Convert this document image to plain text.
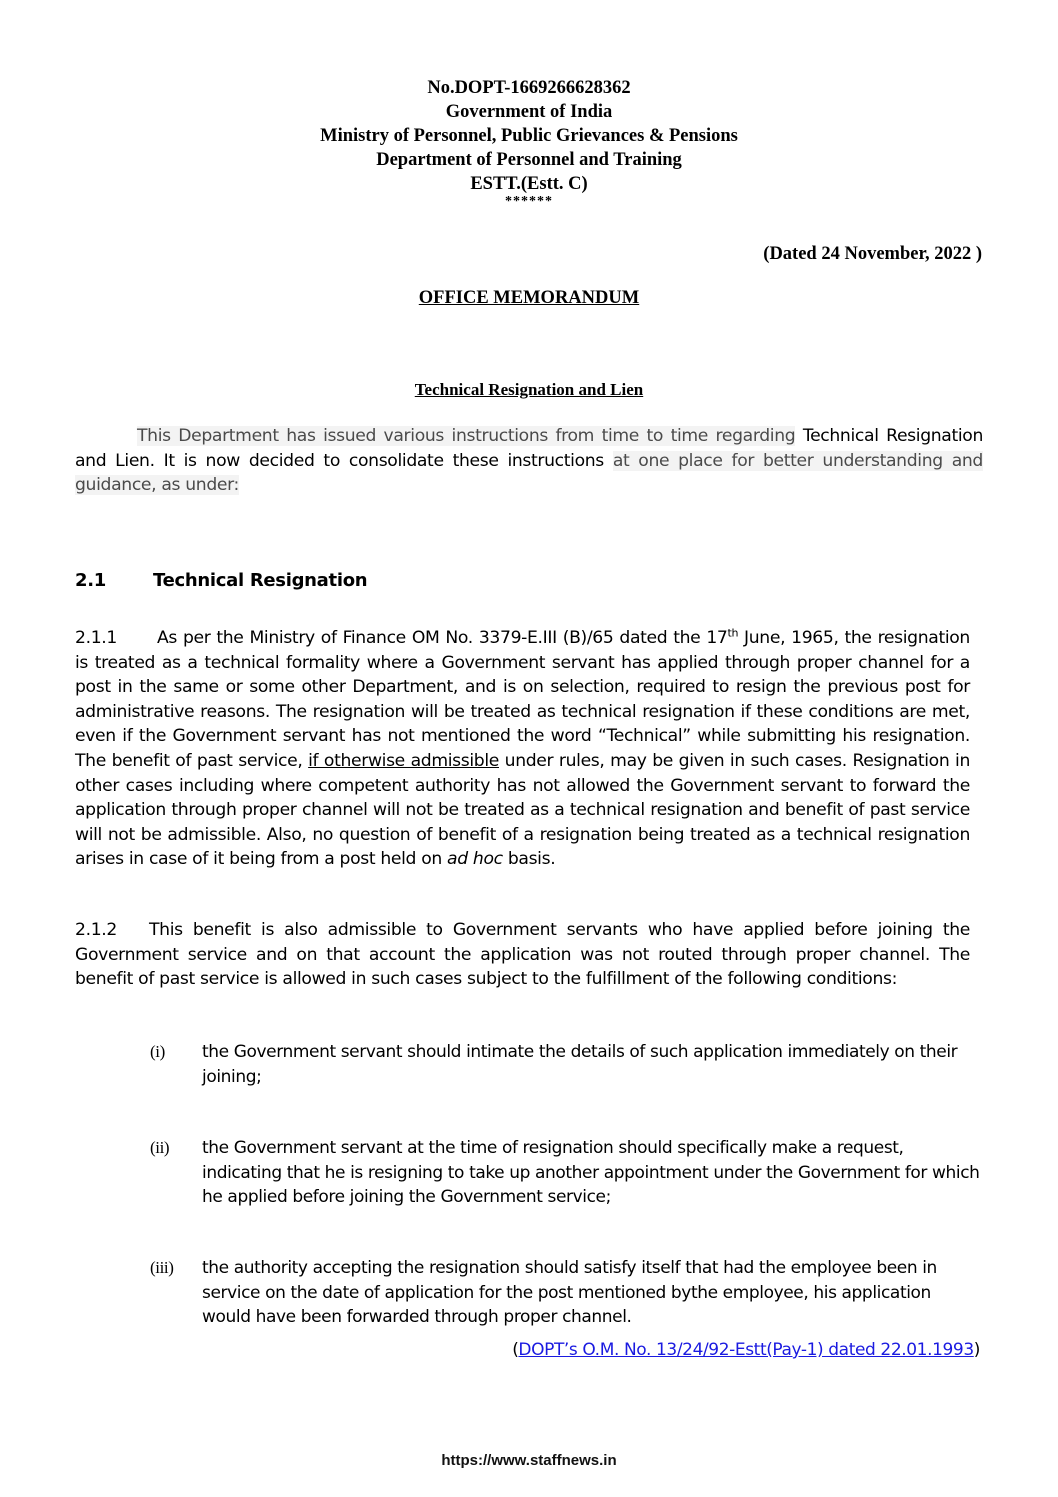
No.DOPT-1669266628362
Government of India
Ministry of Personnel, Public Grievances & Pensions
Department of Personnel and Training
ESTT.(Estt. C)
******
(Dated 24 November, 2022 )
OFFICE MEMORANDUM
Technical Resignation and Lien
This Department has issued various instructions from time to time regarding Technical Resignation and Lien. It is now decided to consolidate these instructions at one place for better understanding and guidance, as under:
2.1	Technical Resignation
2.1.1 As per the Ministry of Finance OM No. 3379-E.III (B)/65 dated the 17th June, 1965, the resignation is treated as a technical formality where a Government servant has applied through proper channel for a post in the same or some other Department, and is on selection, required to resign the previous post for administrative reasons. The resignation will be treated as technical resignation if these conditions are met, even if the Government servant has not mentioned the word “Technical” while submitting his resignation. The benefit of past service, if otherwise admissible under rules, may be given in such cases. Resignation in other cases including where competent authority has not allowed the Government servant to forward the application through proper channel will not be treated as a technical resignation and benefit of past service will not be admissible. Also, no question of benefit of a resignation being treated as a technical resignation arises in case of it being from a post held on ad hoc basis.
2.1.2 This benefit is also admissible to Government servants who have applied before joining the Government service and on that account the application was not routed through proper channel. The benefit of past service is allowed in such cases subject to the fulfillment of the following conditions:
(i) the Government servant should intimate the details of such application immediately on their joining;
(ii) the Government servant at the time of resignation should specifically make a request, indicating that he is resigning to take up another appointment under the Government for which he applied before joining the Government service;
(iii) the authority accepting the resignation should satisfy itself that had the employee been in service on the date of application for the post mentioned bythe employee, his application would have been forwarded through proper channel.
(DOPT’s O.M. No. 13/24/92-Estt(Pay-1) dated 22.01.1993)
https://www.staffnews.in
